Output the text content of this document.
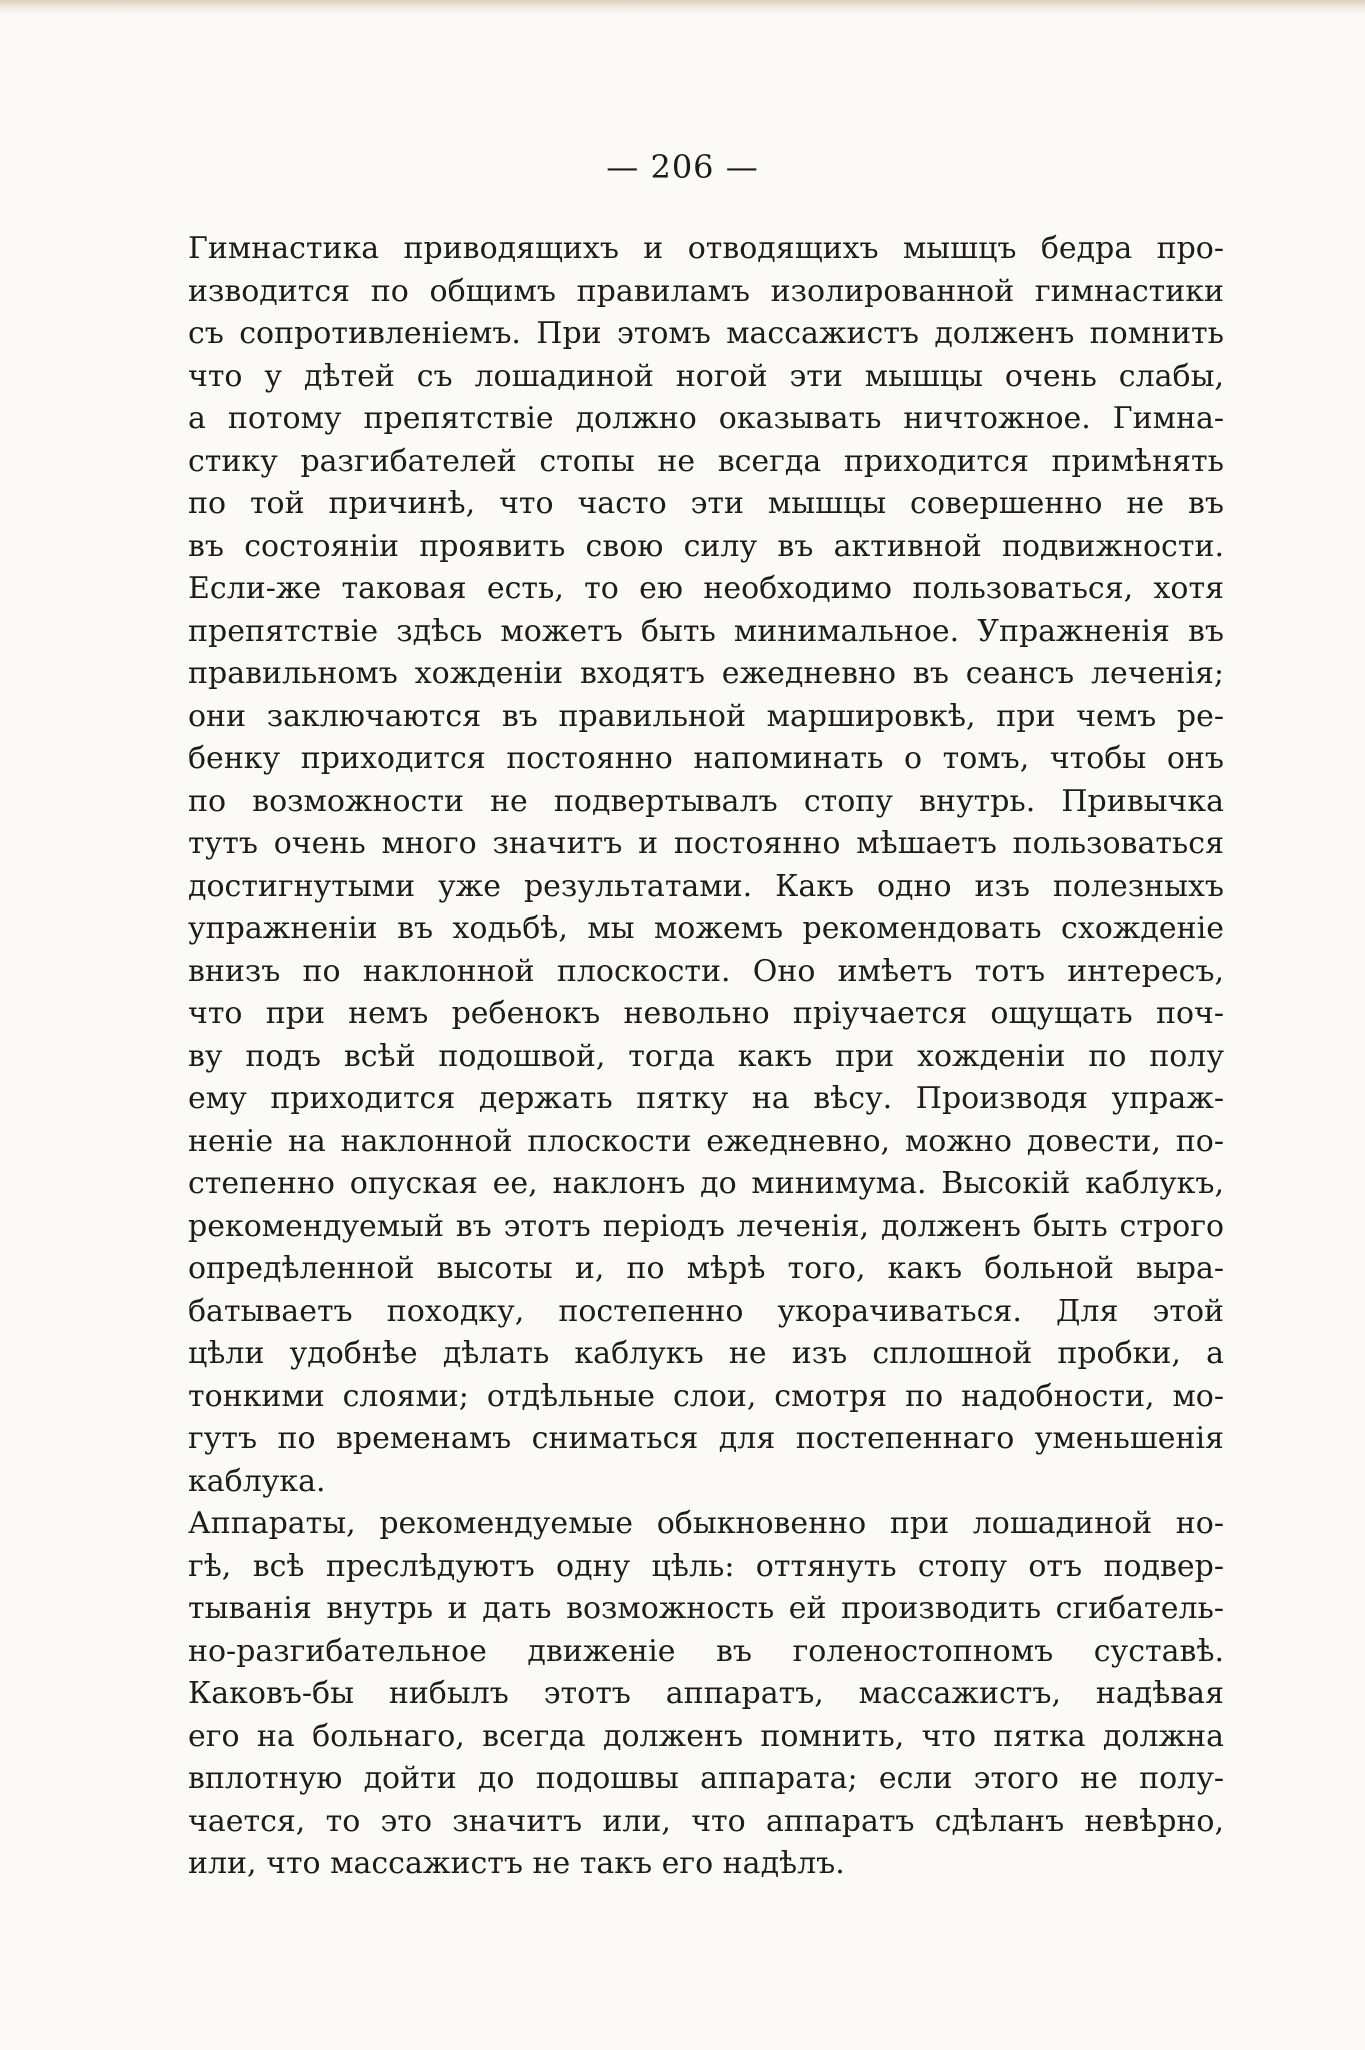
— 206 —
Гимнастика приводящихъ и отводящихъ мышцъ бедра про-
изводится по общимъ правиламъ изолированной гимнастики
съ сопротивленiемъ. При этомъ массажистъ долженъ помнить
что у дѣтей съ лошадиной ногой эти мышцы очень слабы,
а потому препятствiе должно оказывать ничтожное. Гимна-
стику разгибателей стопы не всегда приходится примѣнять
по той причинѣ, что часто эти мышцы совершенно не въ
въ состоянiи проявить свою силу въ активной подвижности.
Если-же таковая есть, то ею необходимо пользоваться, хотя
препятствiе здѣсь можетъ быть минимальное. Упражненiя въ
правильномъ хожденiи входятъ ежедневно въ сеансъ леченiя;
они заключаются въ правильной маршировкѣ, при чемъ ре-
бенку приходится постоянно напоминать о томъ, чтобы онъ
по возможности не подвертывалъ стопу внутрь. Привычка
тутъ очень много значитъ и постоянно мѣшаетъ пользоваться
достигнутыми уже результатами. Какъ одно изъ полезныхъ
упражненiи въ ходьбѣ, мы можемъ рекомендовать схожденiе
внизъ по наклонной плоскости. Оно имѣетъ тотъ интересъ,
что при немъ ребенокъ невольно прiучается ощущать поч-
ву подъ всѣй подошвой, тогда какъ при хожденiи по полу
ему приходится держать пятку на вѣсу. Производя упраж-
ненiе на наклонной плоскости ежедневно, можно довести, по-
степенно опуская ее, наклонъ до минимума. Высокiй каблукъ,
рекомендуемый въ этотъ перiодъ леченiя, долженъ быть строго
опредѣленной высоты и, по мѣрѣ того, какъ больной выра-
батываетъ походку, постепенно укорачиваться. Для этой
цѣли удобнѣе дѣлать каблукъ не изъ сплошной пробки, а
тонкими слоями; отдѣльные слои, смотря по надобности, мо-
гутъ по временамъ сниматься для постепеннаго уменьшенiя
каблука.
Аппараты, рекомендуемые обыкновенно при лошадиной но-
гѣ, всѣ преслѣдуютъ одну цѣль: оттянуть стопу отъ подвер-
тыванiя внутрь и дать возможность ей производить сгибатель-
но-разгибательное движенiе въ голеностопномъ суставѣ.
Каковъ-бы нибылъ этотъ аппаратъ, массажистъ, надѣвая
его на больнаго, всегда долженъ помнить, что пятка должна
вплотную дойти до подошвы аппарата; если этого не полу-
чается, то это значитъ или, что аппаратъ сдѣланъ невѣрно,
или, что массажистъ не такъ его надѣлъ.
